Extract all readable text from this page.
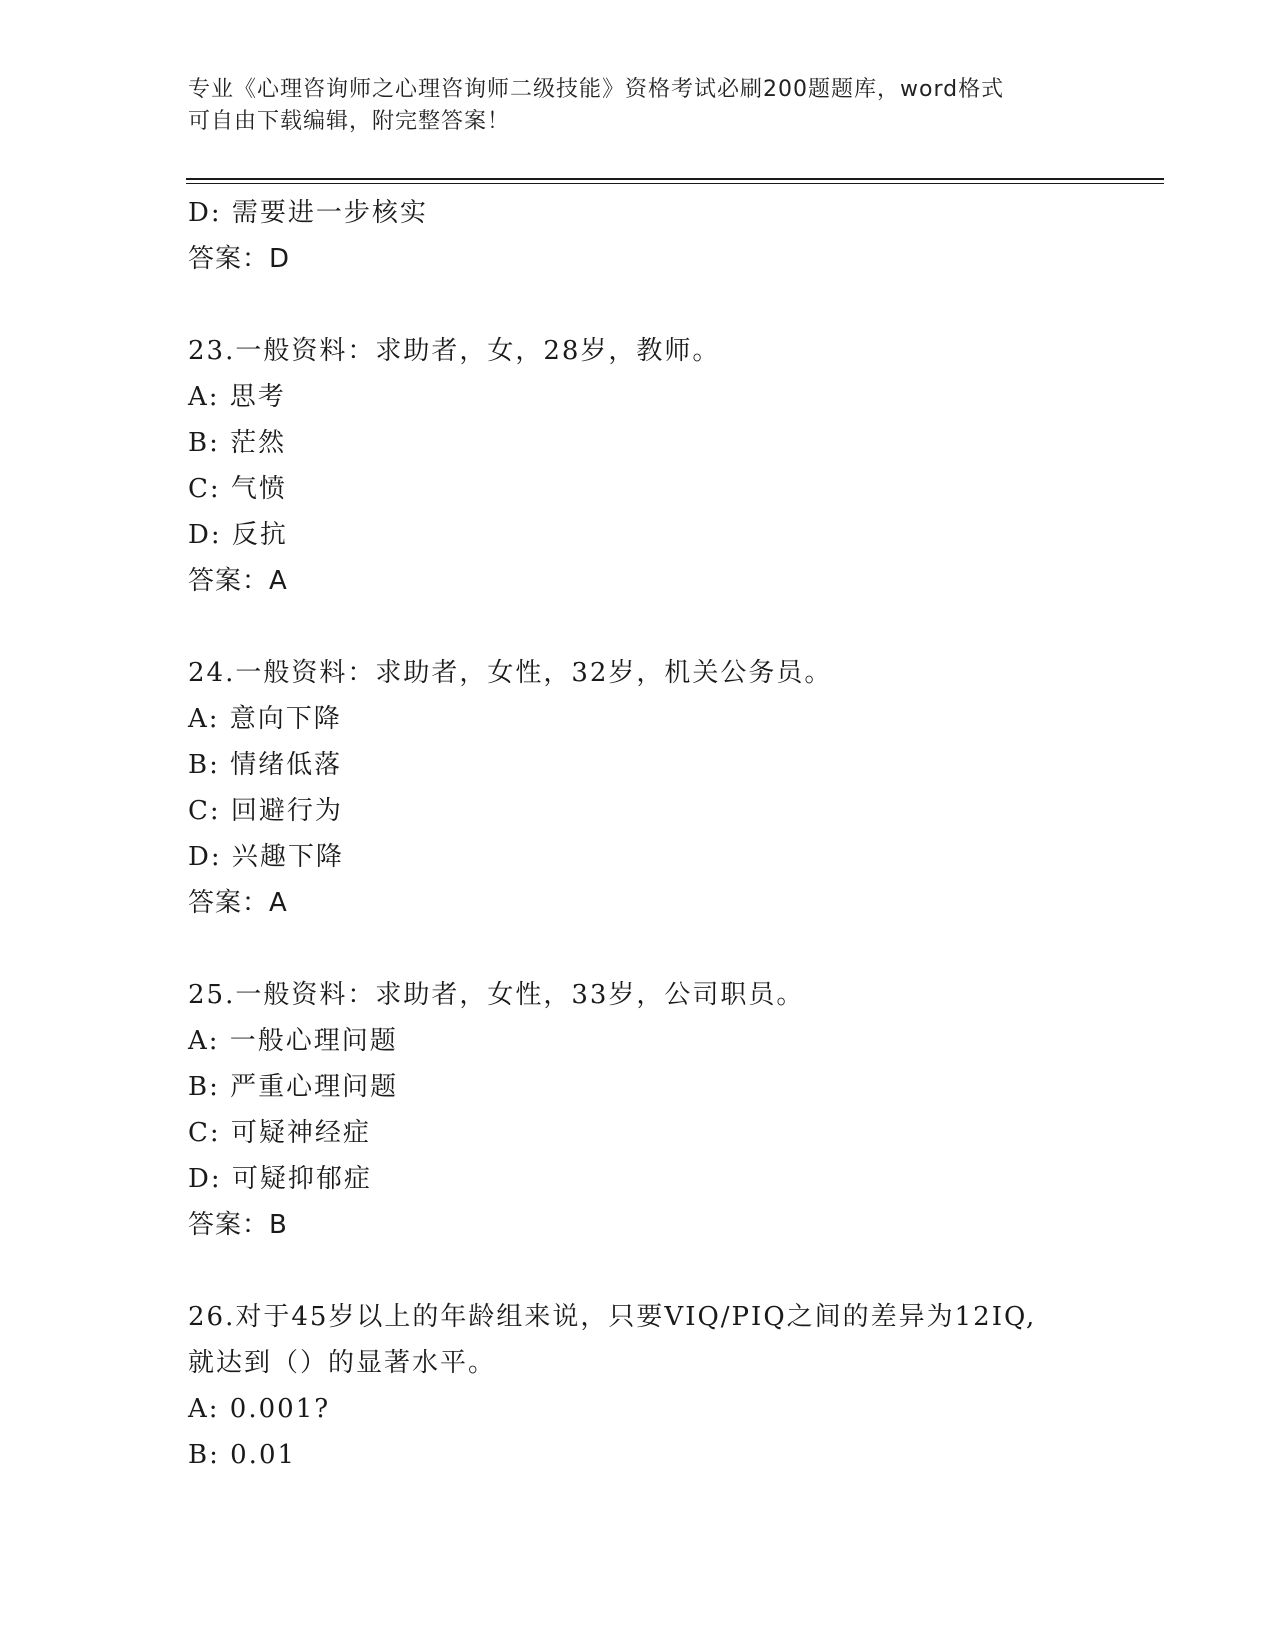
专业《心理咨询师之心理咨询师二级技能》资格考试必刷200题题库，word格式
可自由下载编辑，附完整答案！
D: 需要进一步核实
答案：D
23.一般资料：求助者，女，28岁，教师。
A: 思考
B: 茫然
C: 气愤
D: 反抗
答案：A
24.一般资料：求助者，女性，32岁，机关公务员。
A: 意向下降
B: 情绪低落
C: 回避行为
D: 兴趣下降
答案：A
25.一般资料：求助者，女性，33岁，公司职员。
A: 一般心理问题
B: 严重心理问题
C: 可疑神经症
D: 可疑抑郁症
答案：B
26.对于45岁以上的年龄组来说，只要VIQ/PIQ之间的差异为12IQ,
就达到（）的显著水平。
A: 0.001?
B: 0.01
